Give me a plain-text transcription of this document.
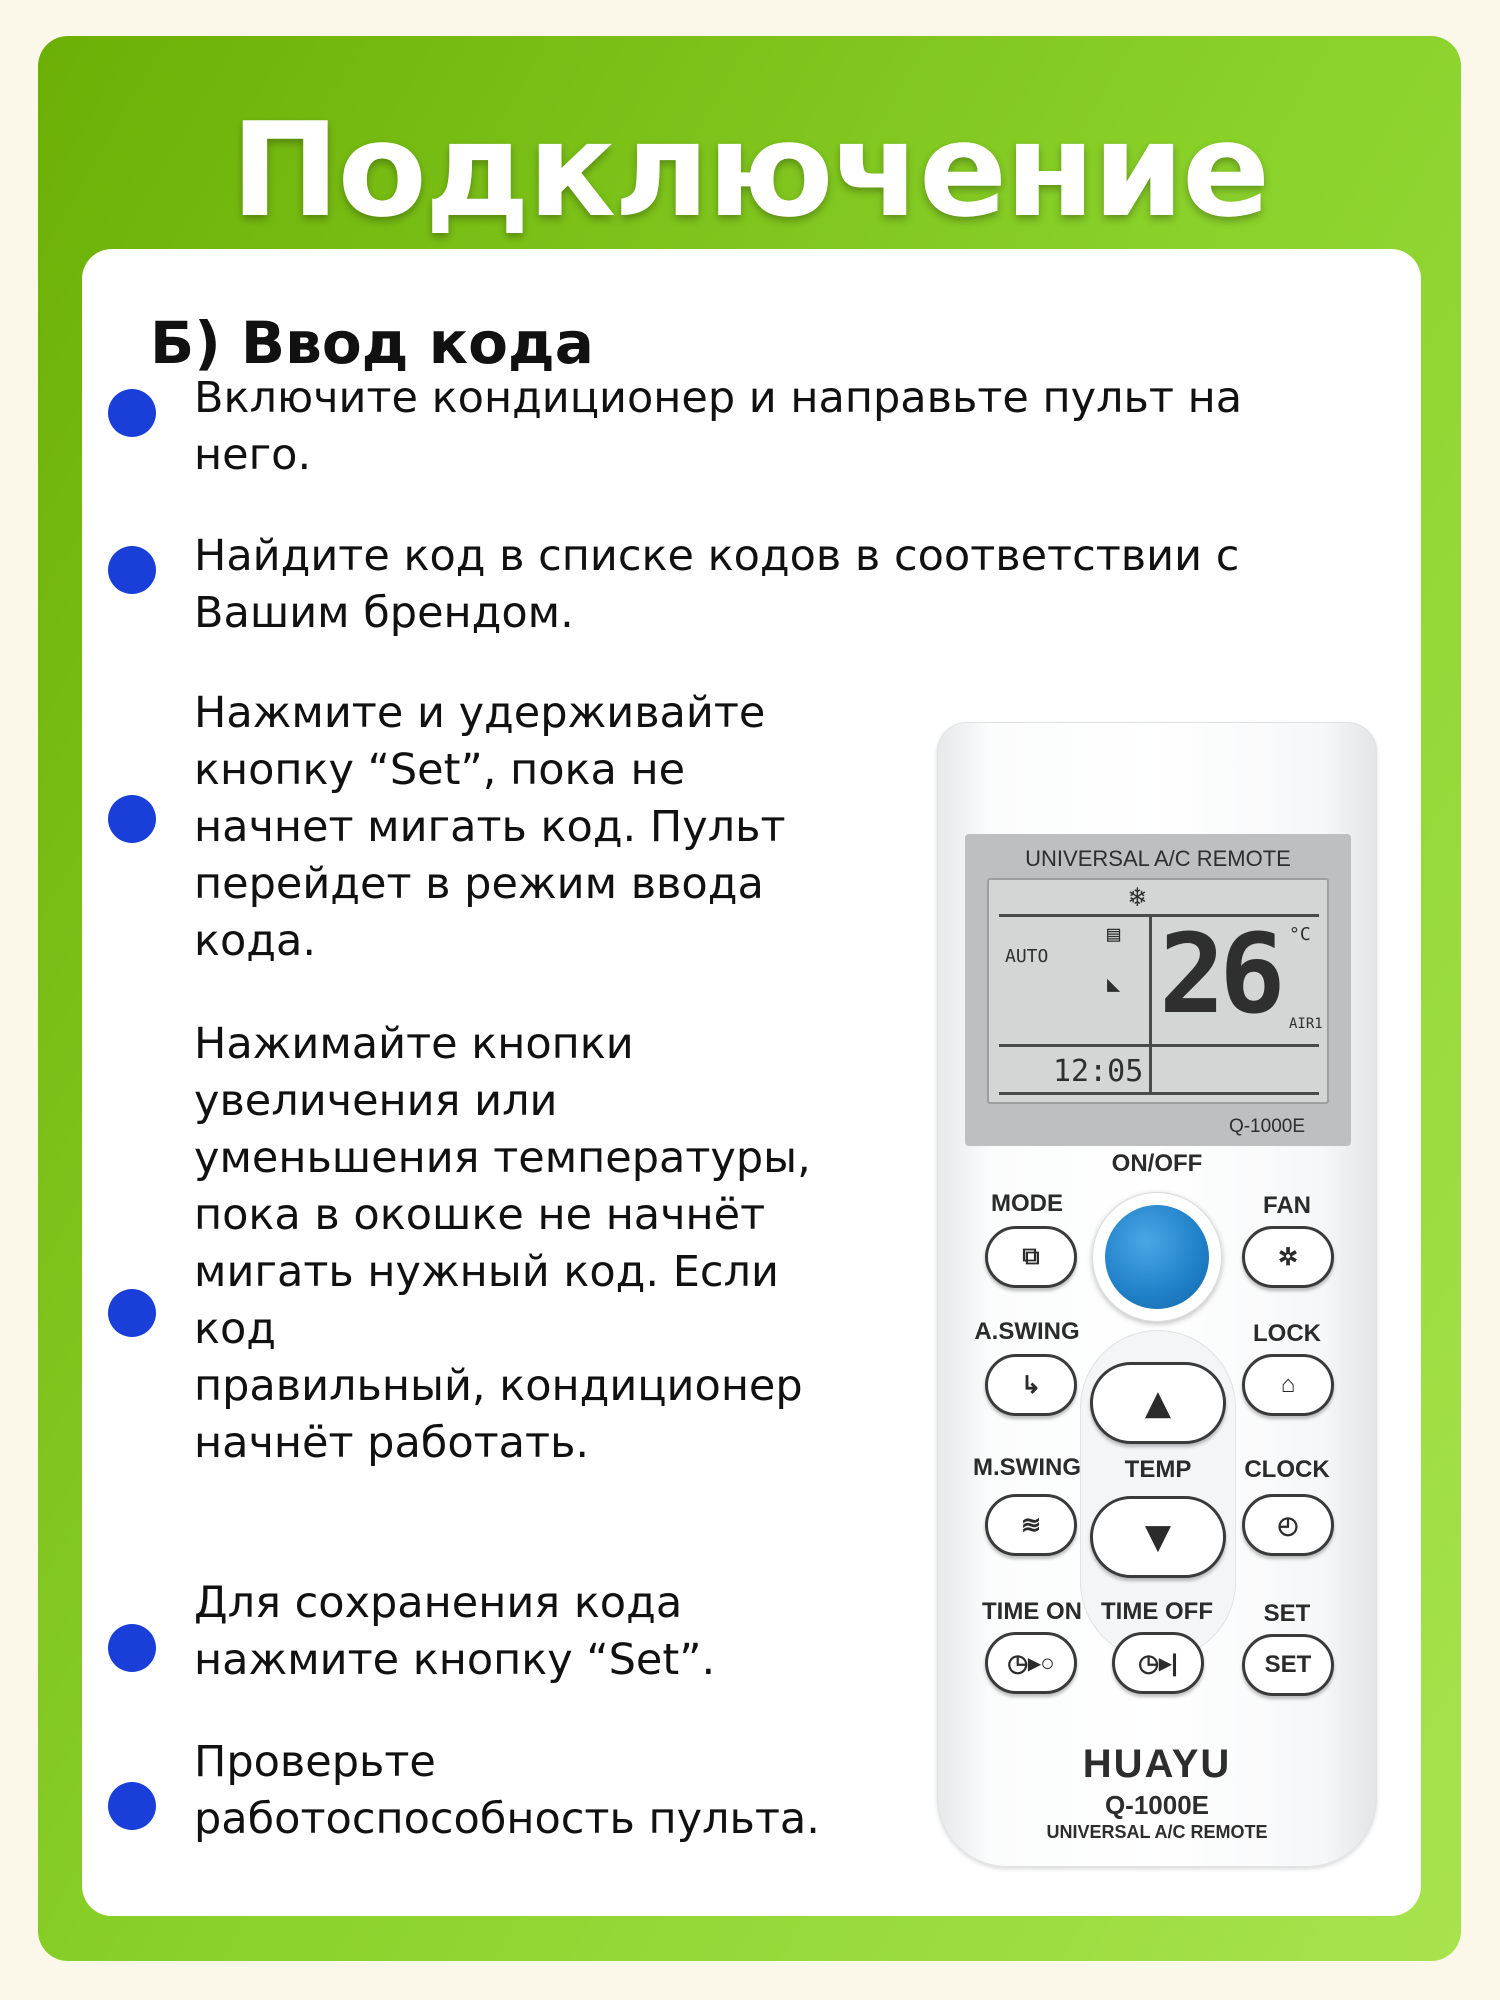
Подключение
Б) Ввод кода
Включите кондиционер и направьте пульт на
него.
Найдите код в списке кодов в соответствии с
Вашим брендом.
Нажмите и удерживайте
кнопку “Set”, пока не
начнет мигать код. Пульт
перейдет в режим ввода
кода.
Нажимайте кнопки
увеличения или
уменьшения температуры,
пока в окошке не начнёт
мигать нужный код. Если
код
правильный, кондиционер
начнёт работать.
Для сохранения кода
нажмите кнопку “Set”.
Проверьте
работоспособность пульта.
UNIVERSAL A/C REMOTE
❄
AUTO
▤
◣ 26 °C
12:05
AIR1
Q-1000E
ON/OFF
MODE
⧉
FAN
✲
A.SWING
↳
LOCK
⌂
▲
TEMP
▼
M.SWING
≋
CLOCK
◴
TIME ON
◷▸○
TIME OFF
◷▸|
SET
SET
HUAYU
Q-1000E
UNIVERSAL A/C REMOTE
